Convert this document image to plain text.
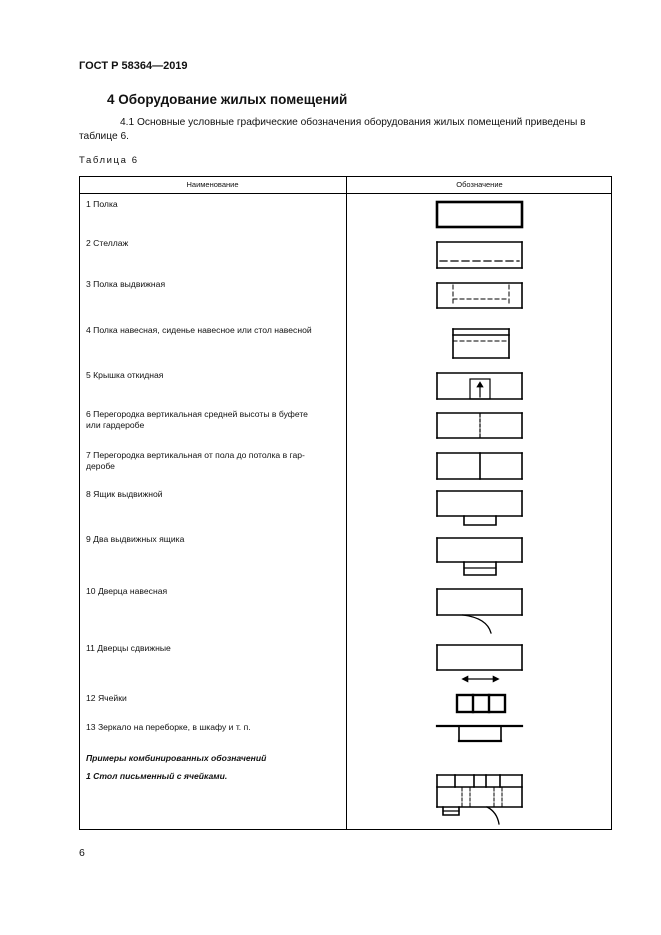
ГОСТ Р 58364—2019
4 Оборудование жилых помещений
4.1 Основные условные графические обозначения оборудования жилых помещений приведены в
таблице 6.
Таблица 6
Наименование	Обозначение
1 Полка
2 Стеллаж
3 Полка выдвижная
4 Полка навесная, сиденье навесное или стол навесной
5 Крышка откидная
6 Перегородка вертикальная средней высоты в буфете
или гардеробе
7 Перегородка вертикальная от пола до потолка в гар-
деробе
8 Ящик выдвижной
9 Два выдвижных ящика
10 Дверца навесная
11 Дверцы сдвижные
12 Ячейки
13 Зеркало на переборке, в шкафу и т. п.
Примеры комбинированных обозначений
1 Стол письменный с ячейками.
6
